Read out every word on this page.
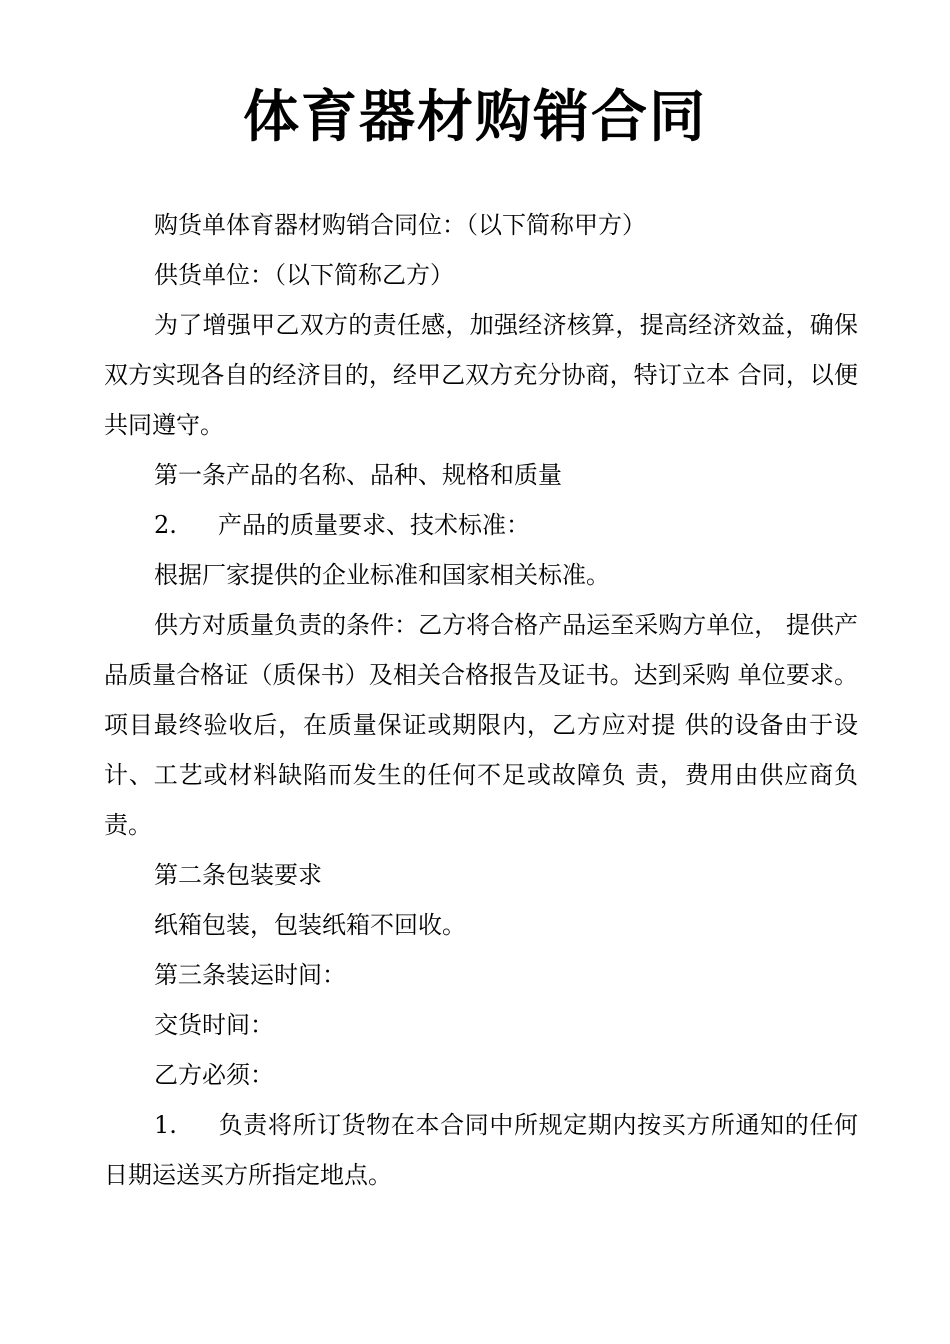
体育器材购销合同

购货单体育器材购销合同位：（以下简称甲方）

供货单位：（以下简称乙方）

为了增强甲乙双方的责任感，加强经济核算，提高经济效益，确保双方实现各自的经济目的，经甲乙双方充分协商，特订立本 合同，以便共同遵守。

第一条产品的名称、品种、规格和质量

2. 产品的质量要求、技术标准：

根据厂家提供的企业标准和国家相关标准。

供方对质量负责的条件：乙方将合格产品运至采购方单位， 提供产品质量合格证（质保书）及相关合格报告及证书。达到采购 单位要求。项目最终验收后，在质量保证或期限内，乙方应对提 供的设备由于设计、工艺或材料缺陷而发生的任何不足或故障负 责，费用由供应商负责。

第二条包装要求

纸箱包装，包装纸箱不回收。

第三条装运时间：

交货时间：

乙方必须：

1. 负责将所订货物在本合同中所规定期内按买方所通知的任何日期运送买方所指定地点。
